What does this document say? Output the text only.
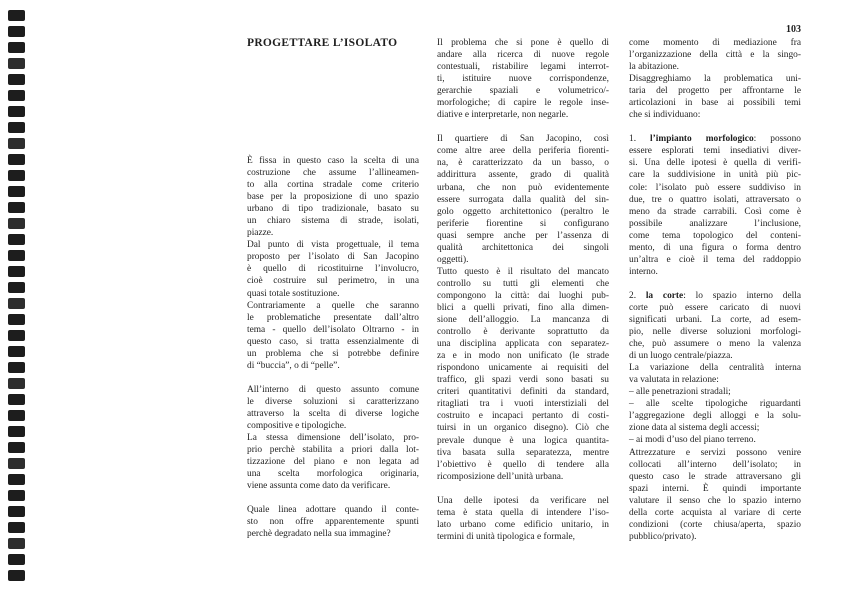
103
PROGETTARE L’ISOLATO
È fissa in questo caso la scelta di una
costruzione che assume l’allineamen-
to alla cortina stradale come criterio
base per la proposizione di uno spazio
urbano di tipo tradizionale, basato su
un chiaro sistema di strade, isolati,
piazze.
Dal punto di vista progettuale, il tema
proposto per l’isolato di San Jacopino
è quello di ricostituirne l’involucro,
cioè costruire sul perimetro, in una
quasi totale sostituzione.
Contrariamente a quelle che saranno
le problematiche presentate dall’altro
tema - quello dell’isolato Oltrarno - in
questo caso, si tratta essenzialmente di
un problema che si potrebbe definire
di “buccia”, o di “pelle”.
All’interno di questo assunto comune
le diverse soluzioni si caratterizzano
attraverso la scelta di diverse logiche
compositive e tipologiche.
La stessa dimensione dell’isolato, pro-
prio perchè stabilita a priori dalla lot-
tizzazione del piano e non legata ad
una scelta morfologica originaria,
viene assunta come dato da verificare.
Quale linea adottare quando il conte-
sto non offre apparentemente spunti
perchè degradato nella sua immagine?
Il problema che si pone è quello di
andare alla ricerca di nuove regole
contestuali, ristabilire legami interrot-
ti, istituire nuove corrispondenze,
gerarchie spaziali e volumetrico/-
morfologiche; di capire le regole inse-
diative e interpretarle, non negarle.
Il quartiere di San Jacopino, così
come altre aree della periferia fiorenti-
na, è caratterizzato da un basso, o
addirittura assente, grado di qualità
urbana, che non può evidentemente
essere surrogata dalla qualità del sin-
golo oggetto architettonico (peraltro le
periferie fiorentine si configurano
quasi sempre anche per l’assenza di
qualità architettonica dei singoli
oggetti).
Tutto questo è il risultato del mancato
controllo su tutti gli elementi che
compongono la città: dai luoghi pub-
blici a quelli privati, fino alla dimen-
sione dell’alloggio. La mancanza di
controllo è derivante soprattutto da
una disciplina applicata con separatez-
za e in modo non unificato (le strade
rispondono unicamente ai requisiti del
traffico, gli spazi verdi sono basati su
criteri quantitativi definiti da standard,
ritagliati tra i vuoti interstiziali del
costruito e incapaci pertanto di costi-
tuirsi in un organico disegno). Ciò che
prevale dunque è una logica quantita-
tiva basata sulla separatezza, mentre
l’obiettivo è quello di tendere alla
ricomposizione dell’unità urbana.
Una delle ipotesi da verificare nel
tema è stata quella di intendere l’iso-
lato urbano come edificio unitario, in
termini di unità tipologica e formale,
come momento di mediazione fra
l’organizzazione della città e la singo-
la abitazione.
Disaggreghiamo la problematica uni-
taria del progetto per affrontarne le
articolazioni in base ai possibili temi
che si individuano:
1. l’impianto morfologico: possono
essere esplorati temi insediativi diver-
si. Una delle ipotesi è quella di verifi-
care la suddivisione in unità più pic-
cole: l’isolato può essere suddiviso in
due, tre o quattro isolati, attraversato o
meno da strade carrabili. Così come è
possibile analizzare l’inclusione,
come tema topologico del conteni-
mento, di una figura o forma dentro
un’altra e cioè il tema del raddoppio
interno.
2. la corte: lo spazio interno della
corte può essere caricato di nuovi
significati urbani. La corte, ad esem-
pio, nelle diverse soluzioni morfologi-
che, può assumere o meno la valenza
di un luogo centrale/piazza.
La variazione della centralità interna
va valutata in relazione:
– alle penetrazioni stradali;
– alle scelte tipologiche riguardanti
l’aggregazione degli alloggi e la solu-
zione data al sistema degli accessi;
– ai modi d’uso del piano terreno.
Attrezzature e servizi possono venire
collocati all’interno dell’isolato; in
questo caso le strade attraversano gli
spazi interni. È quindi importante
valutare il senso che lo spazio interno
della corte acquista al variare di certe
condizioni (corte chiusa/aperta, spazio
pubblico/privato).
